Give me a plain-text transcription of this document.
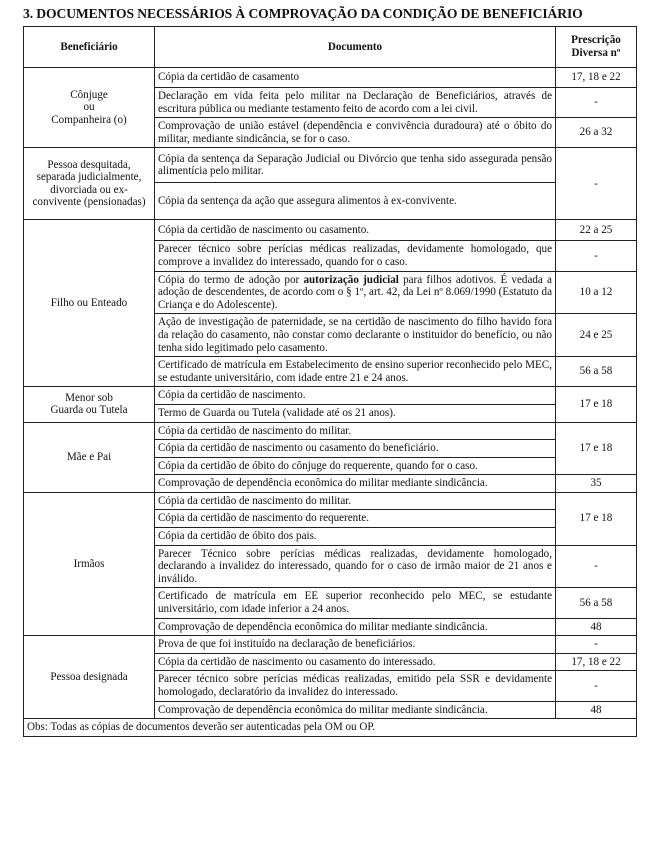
3. DOCUMENTOS NECESSÁRIOS À COMPROVAÇÃO DA CONDIÇÃO DE BENEFICIÁRIO
Beneficiário	Documento	Prescrição Diversa nº
Cônjuge
ou
Companheira (o)	Cópia da certidão de casamento	17, 18 e 22
	Declaração em vida feita pelo militar na Declaração de Beneficiários, através de escritura pública ou mediante testamento feito de acordo com a lei civil.	-
	Comprovação de união estável (dependência e convivência duradoura) até o óbito do militar, mediante sindicância, se for o caso.	26 a 32
Pessoa desquitada, separada judicialmente, divorciada ou ex-convivente (pensionadas)	Cópia da sentença da Separação Judicial ou Divórcio que tenha sido assegurada pensão alimentícia pelo militar.	-
	Cópia da sentença da ação que assegura alimentos à ex-convivente.	
Filho ou Enteado	Cópia da certidão de nascimento ou casamento.	22 a 25
	Parecer técnico sobre perícias médicas realizadas, devidamente homologado, que comprove a invalidez do interessado, quando for o caso.	-
	Cópia do termo de adoção por autorização judicial para filhos adotivos. É vedada a adoção de descendentes, de acordo com o § 1º, art. 42, da Lei nº 8.069/1990 (Estatuto da Criança e do Adolescente).	10 a 12
	Ação de investigação de paternidade, se na certidão de nascimento do filho havido fora da relação do casamento, não constar como declarante o instituidor do benefício, ou não tenha sido legitimado pelo casamento.	24 e 25
	Certificado de matrícula em Estabelecimento de ensino superior reconhecido pelo MEC, se estudante universitário, com idade entre 21 e 24 anos.	56 a 58
Menor sob
Guarda ou Tutela	Cópia da certidão de nascimento.	17 e 18
	Termo de Guarda ou Tutela (validade até os 21 anos).	
Mãe e Pai	Cópia da certidão de nascimento do militar.	17 e 18
	Cópia da certidão de nascimento ou casamento do beneficiário.	
	Cópia da certidão de óbito do cônjuge do requerente, quando for o caso.	
	Comprovação de dependência econômica do militar mediante sindicância.	35
Irmãos	Cópia da certidão de nascimento do militar.	17 e 18
	Cópia da certidão de nascimento do requerente.	
	Cópia da certidão de óbito dos pais.	
	Parecer Técnico sobre perícias médicas realizadas, devidamente homologado, declarando a invalidez do interessado, quando for o caso de irmão maior de 21 anos e inválido.	-
	Certificado de matrícula em EE superior reconhecido pelo MEC, se estudante universitário, com idade inferior a 24 anos.	56 a 58
	Comprovação de dependência econômica do militar mediante sindicância.	48
Pessoa designada	Prova de que foi instituído na declaração de beneficiários.	-
	Cópia da certidão de nascimento ou casamento do interessado.	17, 18 e 22
	Parecer técnico sobre perícias médicas realizadas, emitido pela SSR e devidamente homologado, declaratório da invalidez do interessado.	-
	Comprovação de dependência econômica do militar mediante sindicância.	48
Obs: Todas as cópias de documentos deverão ser autenticadas pela OM ou OP.		
